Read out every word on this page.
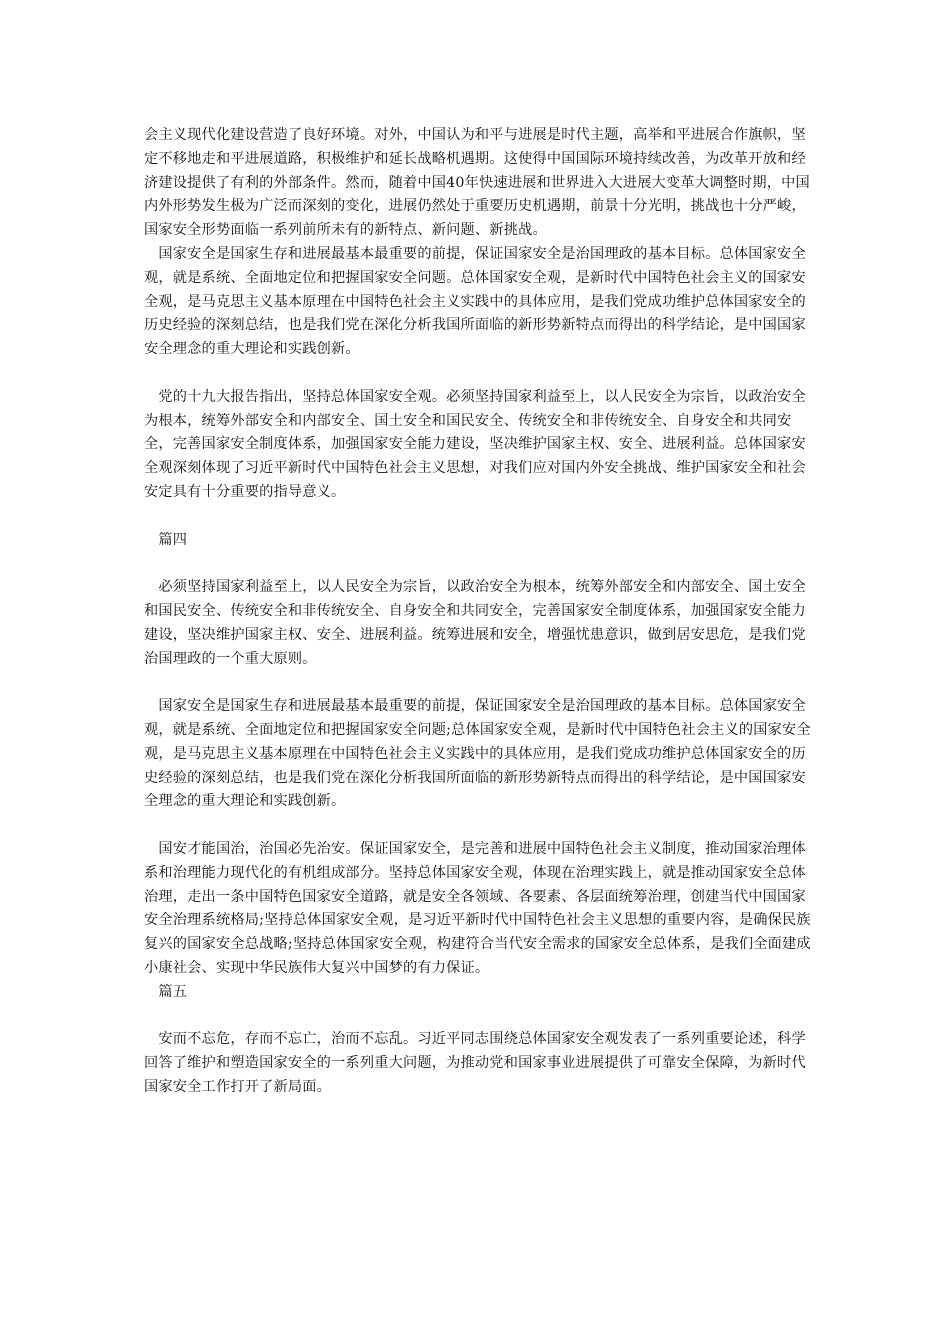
会主义现代化建设营造了良好环境。对外，中国认为和平与进展是时代主题，高举和平进展合作旗帜，坚定不移地走和平进展道路，积极维护和延长战略机遇期。这使得中国国际环境持续改善，为改革开放和经济建设提供了有利的外部条件。然而，随着中国40年快速进展和世界进入大进展大变革大调整时期，中国内外形势发生极为广泛而深刻的变化，进展仍然处于重要历史机遇期，前景十分光明，挑战也十分严峻，国家安全形势面临一系列前所未有的新特点、新问题、新挑战。

　国家安全是国家生存和进展最基本最重要的前提，保证国家安全是治国理政的基本目标。总体国家安全观，就是系统、全面地定位和把握国家安全问题。总体国家安全观，是新时代中国特色社会主义的国家安全观，是马克思主义基本原理在中国特色社会主义实践中的具体应用，是我们党成功维护总体国家安全的历史经验的深刻总结，也是我们党在深化分析我国所面临的新形势新特点而得出的科学结论，是中国国家安全理念的重大理论和实践创新。

　党的十九大报告指出，坚持总体国家安全观。必须坚持国家利益至上，以人民安全为宗旨，以政治安全为根本，统筹外部安全和内部安全、国土安全和国民安全、传统安全和非传统安全、自身安全和共同安全，完善国家安全制度体系，加强国家安全能力建设，坚决维护国家主权、安全、进展利益。总体国家安全观深刻体现了习近平新时代中国特色社会主义思想，对我们应对国内外安全挑战、维护国家安全和社会安定具有十分重要的指导意义。

　篇四

　必须坚持国家利益至上，以人民安全为宗旨，以政治安全为根本，统筹外部安全和内部安全、国土安全和国民安全、传统安全和非传统安全、自身安全和共同安全，完善国家安全制度体系，加强国家安全能力建设，坚决维护国家主权、安全、进展利益。统筹进展和安全，增强忧患意识，做到居安思危，是我们党治国理政的一个重大原则。

　国家安全是国家生存和进展最基本最重要的前提，保证国家安全是治国理政的基本目标。总体国家安全观，就是系统、全面地定位和把握国家安全问题;总体国家安全观，是新时代中国特色社会主义的国家安全观，是马克思主义基本原理在中国特色社会主义实践中的具体应用，是我们党成功维护总体国家安全的历史经验的深刻总结，也是我们党在深化分析我国所面临的新形势新特点而得出的科学结论，是中国国家安全理念的重大理论和实践创新。

　国安才能国治，治国必先治安。保证国家安全，是完善和进展中国特色社会主义制度，推动国家治理体系和治理能力现代化的有机组成部分。坚持总体国家安全观，体现在治理实践上，就是推动国家安全总体治理，走出一条中国特色国家安全道路，就是安全各领域、各要素、各层面统筹治理，创建当代中国国家安全治理系统格局;坚持总体国家安全观，是习近平新时代中国特色社会主义思想的重要内容，是确保民族复兴的国家安全总战略;坚持总体国家安全观，构建符合当代安全需求的国家安全总体系，是我们全面建成小康社会、实现中华民族伟大复兴中国梦的有力保证。

　篇五

　安而不忘危，存而不忘亡，治而不忘乱。习近平同志围绕总体国家安全观发表了一系列重要论述，科学回答了维护和塑造国家安全的一系列重大问题，为推动党和国家事业进展提供了可靠安全保障，为新时代国家安全工作打开了新局面。
